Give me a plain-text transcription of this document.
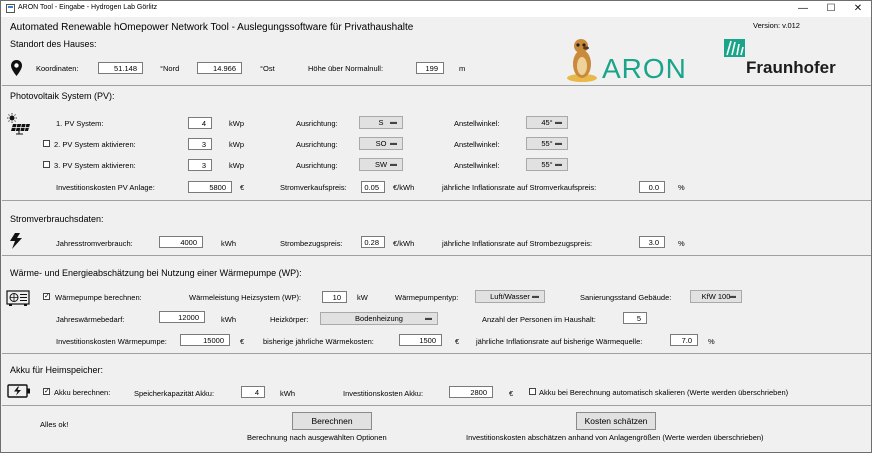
ARON Tool - Eingabe - Hydrogen Lab Görlitz	—	☐	✕
Automated Renewable hOmepower Network Tool - Auslegungssoftware für Privathaushalte	Version: v.012
ARON	Fraunhofer
Standort des Hauses:
Koordinaten:	51.148	°Nord	14.966	°Ost	Höhe über Normalnull:	199	m
Photovoltaik System (PV):
1. PV System:	4	kWp	Ausrichtung:	S ▬	Anstellwinkel:	45° ▬
2. PV System aktivieren:	3	kWp	Ausrichtung:	SO ▬	Anstellwinkel:	55° ▬
3. PV System aktivieren:	3	kWp	Ausrichtung:	SW ▬	Anstellwinkel:	55° ▬
Investitionskosten PV Anlage:	5800	€	Stromverkaufspreis:	0.05	€/kWh	jährliche Inflationsrate auf Stromverkaufspreis:	0.0	%
Stromverbrauchsdaten:
Jahresstromverbrauch:	4000	kWh	Strombezugspreis:	0.28	€/kWh	jährliche Inflationsrate auf Strombezugspreis:	3.0	%
Wärme- und Energieabschätzung bei Nutzung einer Wärmepumpe (WP):
✓ Wärmepumpe berechnen:	Wärmeleistung Heizsystem (WP):	10	kW	Wärmepumpentyp:	Luft/Wasser ▬	Sanierungsstand Gebäude:	KfW 100
▬
Jahreswärmebedarf:	12000	kWh	Heizkörper:	Bodenheizung	▬	Anzahl der Personen im Haushalt:	5
Investitionskosten Wärmepumpe:	15000	€	bisherige jährliche Wärmekosten:	1500	€ jährliche Inflationsrate auf bisherige Wärmequelle:	7.0	%
Akku für Heimspeicher:
✓ Akku berechnen:	Speicherkapazität Akku:	4	kWh	Investitionskosten Akku:	2800	€	Akku bei Berechnung automatisch skalieren (Werte werden überschrieben)
Alles ok!	Berechnen
Berechnung nach ausgewählten Optionen
Kosten schätzen
Investitionskosten abschätzen anhand von Anlagengrößen (Werte werden überschrieben)
